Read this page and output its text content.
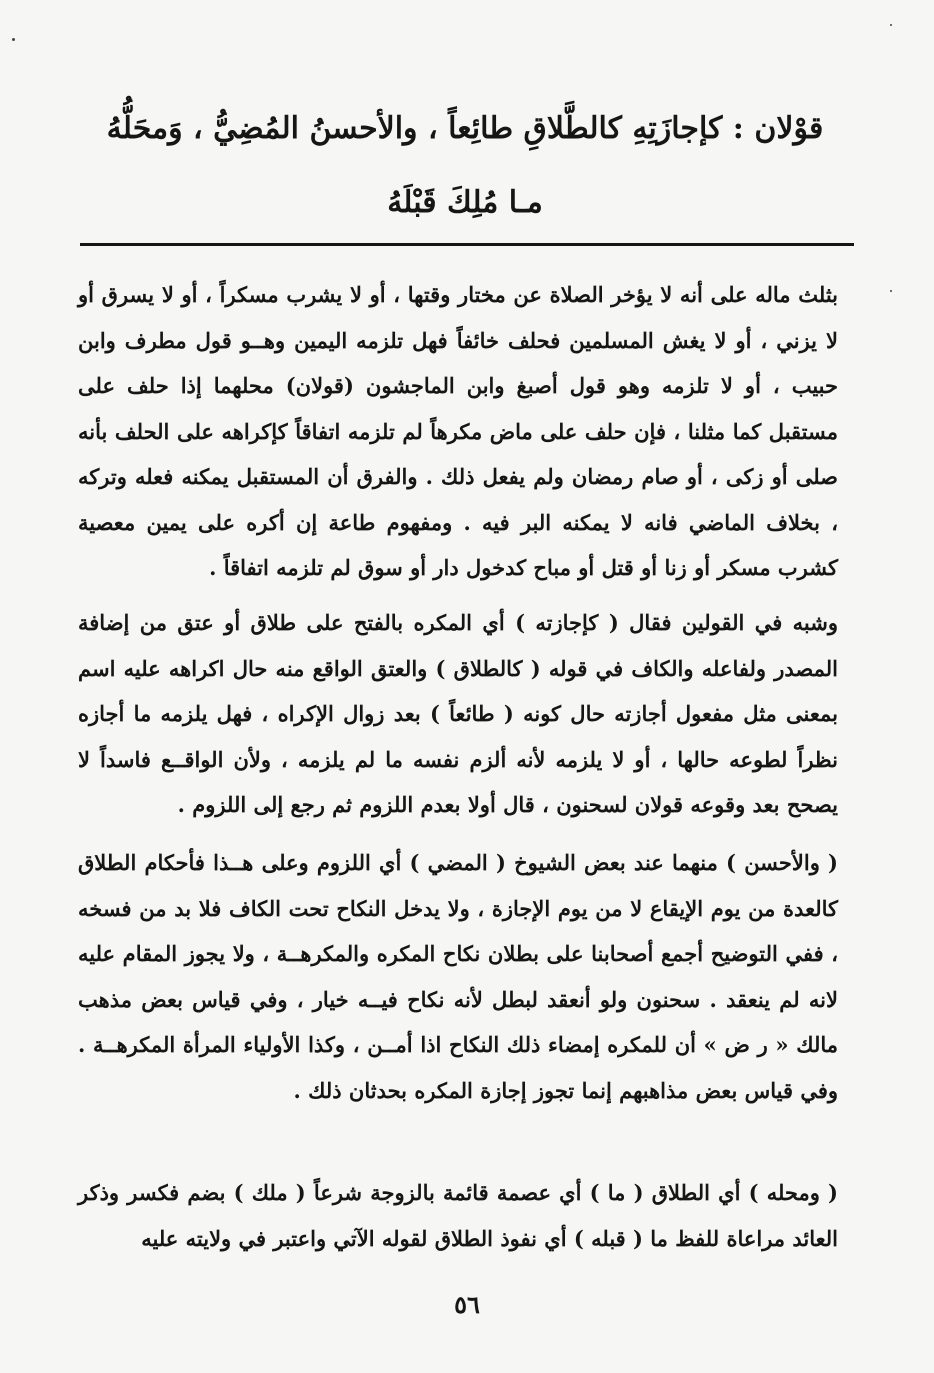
قوْلان : كإجازَتِهِ كالطَّلاقِ طائِعاً ، والأحسنُ المُضِيُّ ، وَمحَلُّهُ
مـا مُلِكَ قَبْلَهُ

بثلث ماله على أنه لا يؤخر الصلاة عن مختار وقتها ، أو لا يشرب مسكراً ، أو لا يسرق أو لا يزني ، أو لا يغش المسلمين فحلف خائفاً فهل تلزمه اليمين وهــو قول مطرف وابن حبيب ، أو لا تلزمه وهو قول أصبغ وابن الماجشون (قولان) محلهما إذا حلف على مستقبل كما مثلنا ، فإن حلف على ماض مكرهاً لم تلزمه اتفاقاً كإكراهه على الحلف بأنه صلى أو زكى ، أو صام رمضان ولم يفعل ذلك . والفرق أن المستقبل يمكنه فعله وتركه ، بخلاف الماضي فانه لا يمكنه البر فيه . ومفهوم طاعة إن أكره على يمين معصية كشرب مسكر أو زنا أو قتل أو مباح كدخول دار أو سوق لم تلزمه اتفاقاً .

وشبه في القولين فقال ( كإجازته ) أي المكره بالفتح على طلاق أو عتق من إضافة المصدر ولفاعله والكاف في قوله ( كالطلاق ) والعتق الواقع منه حال اكراهه عليه اسم بمعنى مثل مفعول أجازته حال كونه ( طائعاً ) بعد زوال الإكراه ، فهل يلزمه ما أجازه نظراً لطوعه حالها ، أو لا يلزمه لأنه ألزم نفسه ما لم يلزمه ، ولأن الواقــع فاسداً لا يصحح بعد وقوعه قولان لسحنون ، قال أولا بعدم اللزوم ثم رجع إلى اللزوم .

( والأحسن ) منهما عند بعض الشيوخ ( المضي ) أي اللزوم وعلى هــذا فأحكام الطلاق كالعدة من يوم الإيقاع لا من يوم الإجازة ، ولا يدخل النكاح تحت الكاف فلا بد من فسخه ، ففي التوضيح أجمع أصحابنا على بطلان نكاح المكره والمكرهــة ، ولا يجوز المقام عليه لانه لم ينعقد . سحنون ولو أنعقد لبطل لأنه نكاح فيــه خيار ، وفي قياس بعض مذهب مالك « ر ض » أن للمكره إمضاء ذلك النكاح اذا أمــن ، وكذا الأولياء المرأة المكرهــة . وفي قياس بعض مذاهبهم إنما تجوز إجازة المكره بحدثان ذلك .

( ومحله ) أي الطلاق ( ما ) أي عصمة قائمة بالزوجة شرعاً ( ملك ) بضم فكسر وذكر العائد مراعاة للفظ ما ( قبله ) أي نفوذ الطلاق لقوله الآتي واعتبر في ولايته عليه

٥٦
